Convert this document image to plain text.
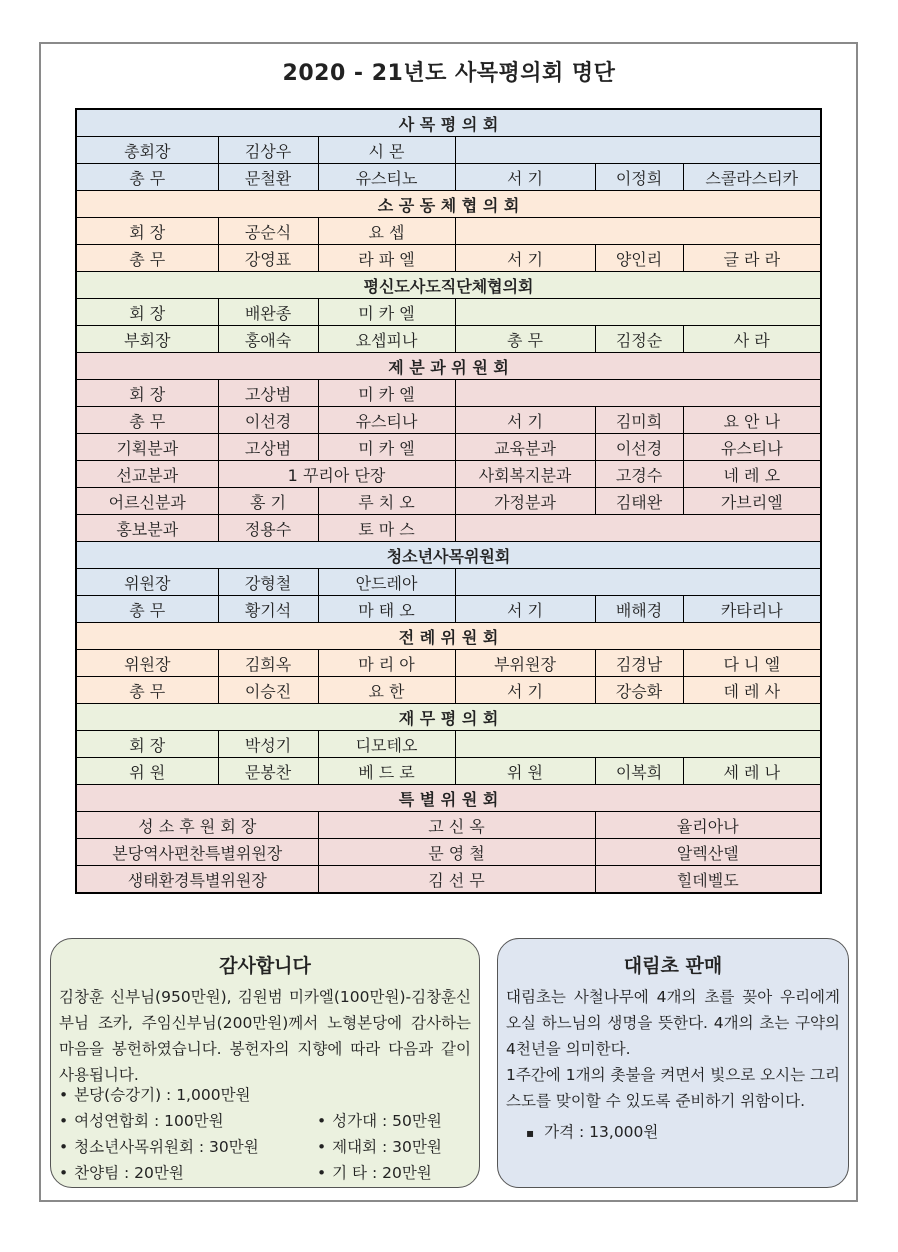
2020 - 21년도 사목평의회 명단
사 목 평 의 회					
총회장	김상우	시 몬			
총 무	문철환	유스티노	서 기	이정희	스콜라스티카
소 공 동 체 협 의 회					
회 장	공순식	요 셉			
총 무	강영표	라 파 엘	서 기	양인리	글 라 라
평신도사도직단체협의회					
회 장	배완종	미 카 엘			
부회장	홍애숙	요셉피나	총 무	김정순	사 라
제 분 과 위 원 회					
회 장	고상범	미 카 엘			
총 무	이선경	유스티나	서 기	김미희	요 안 나
기획분과	고상범	미 카 엘	교육분과	이선경	유스티나
선교분과	1 꾸리아 단장		사회복지분과	고경수	네 레 오
어르신분과	홍 기	루 치 오	가정분과	김태완	가브리엘
홍보분과	정용수	토 마 스			
청소년사목위원회					
위원장	강형철	안드레아			
총 무	황기석	마 태 오	서 기	배해경	카타리나
전 례 위 원 회					
위원장	김희옥	마 리 아	부위원장	김경남	다 니 엘
총 무	이승진	요 한	서 기	강승화	데 레 사
재 무 평 의 회					
회 장	박성기	디모테오			
위 원	문봉찬	베 드 로	위 원	이복희	세 레 나
특 별 위 원 회					
성 소 후 원 회 장		고 신 옥		율리아나	
본당역사편찬특별위원장		문 영 철		알렉산델	
생태환경특별위원장		김 선 무		힐데벨도	
감사합니다

김창훈 신부님(950만원), 김원범 미카엘(100만원)-김창훈신부님 조카, 주임신부님(200만원)께서 노형본당에 감사하는 마음을 봉헌하였습니다. 봉헌자의 지향에 따라 다음과 같이 사용됩니다.

• 본당(승강기) : 1,000만원
• 여성연합회 : 100만원	• 성가대 : 50만원
• 청소년사목위원회 : 30만원	• 제대회 : 30만원
• 찬양팀 : 20만원	• 기 타 : 20만원
대림초 판매

대림초는 사철나무에 4개의 초를 꽂아 우리에게 오실 하느님의 생명을 뜻한다. 4개의 초는 구약의 4천년을 의미한다.

1주간에 1개의 촛불을 켜면서 빛으로 오시는 그리스도를 맞이할 수 있도록 준비하기 위함이다.

▪ 가격 : 13,000원
